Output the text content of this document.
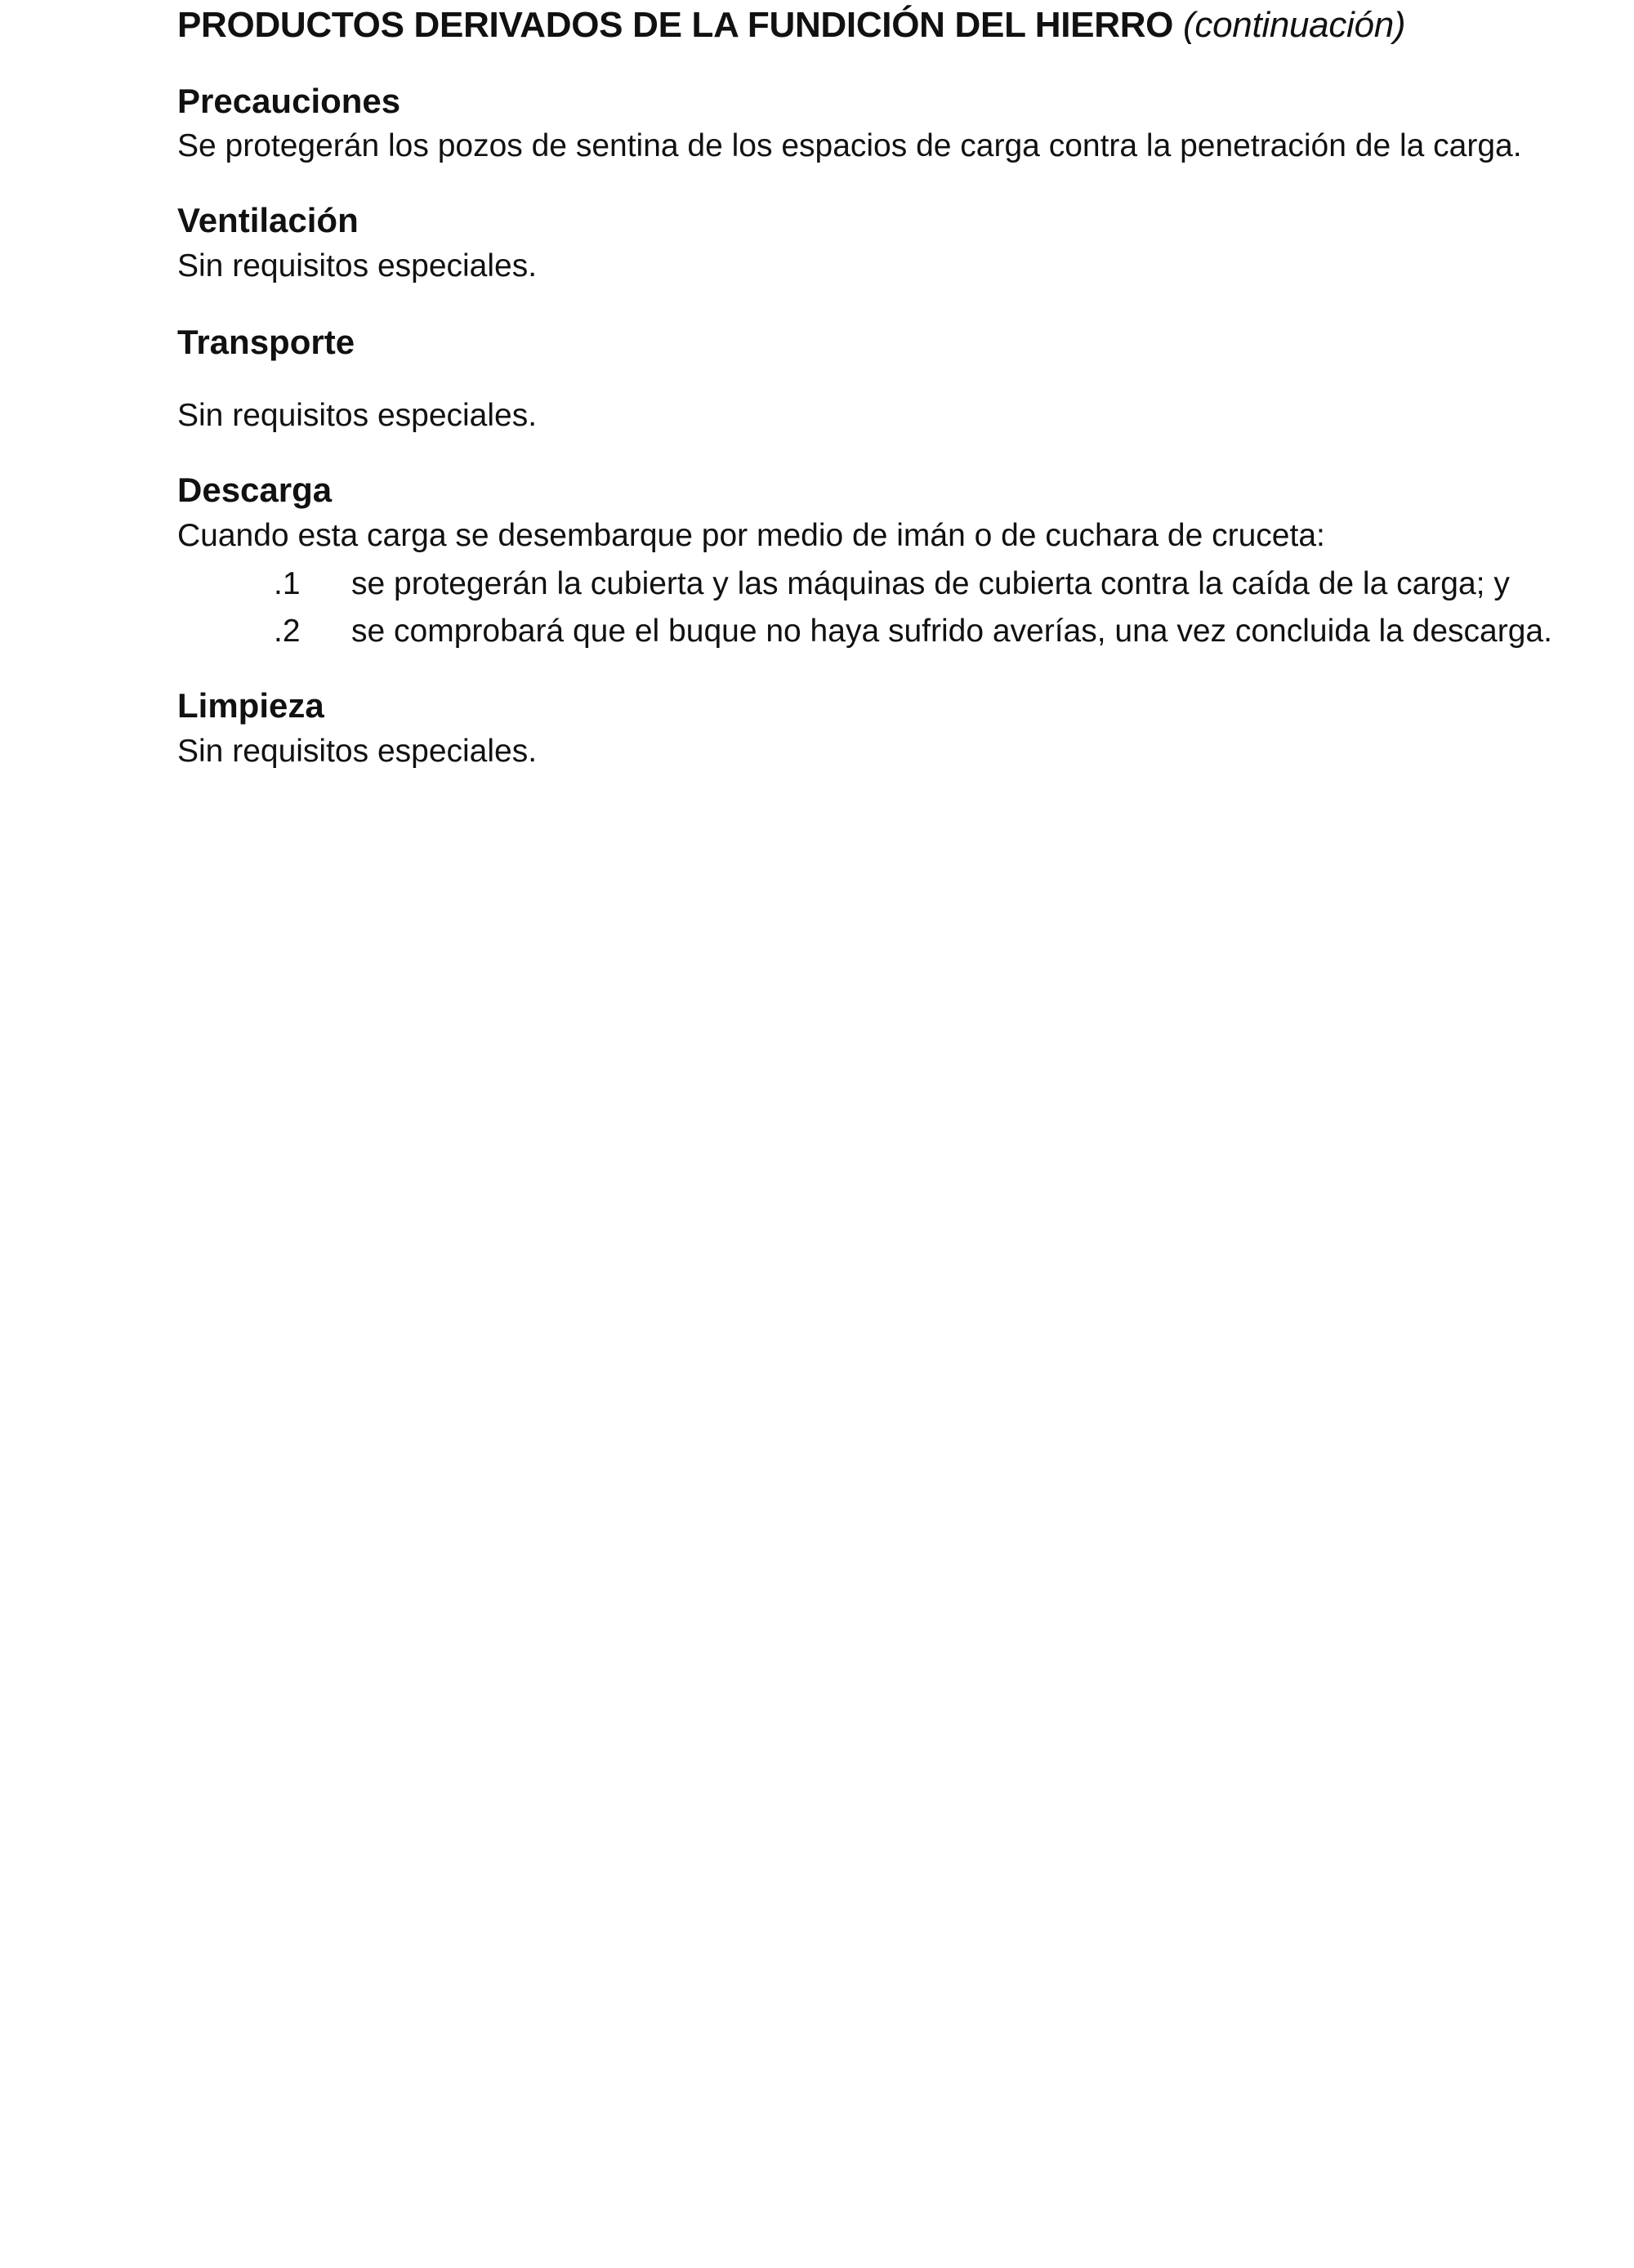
PRODUCTOS DERIVADOS DE LA FUNDICIÓN DEL HIERRO (continuación)
Precauciones

Se protegerán los pozos de sentina de los espacios de carga contra la penetración de la carga.

Ventilación

Sin requisitos especiales.

Transporte

Sin requisitos especiales.

Descarga

Cuando esta carga se desembarque por medio de imán o de cuchara de cruceta:

.1 se protegerán la cubierta y las máquinas de cubierta contra la caída de la carga; y
.2 se comprobará que el buque no haya sufrido averías, una vez concluida la descarga.
Limpieza

Sin requisitos especiales.
